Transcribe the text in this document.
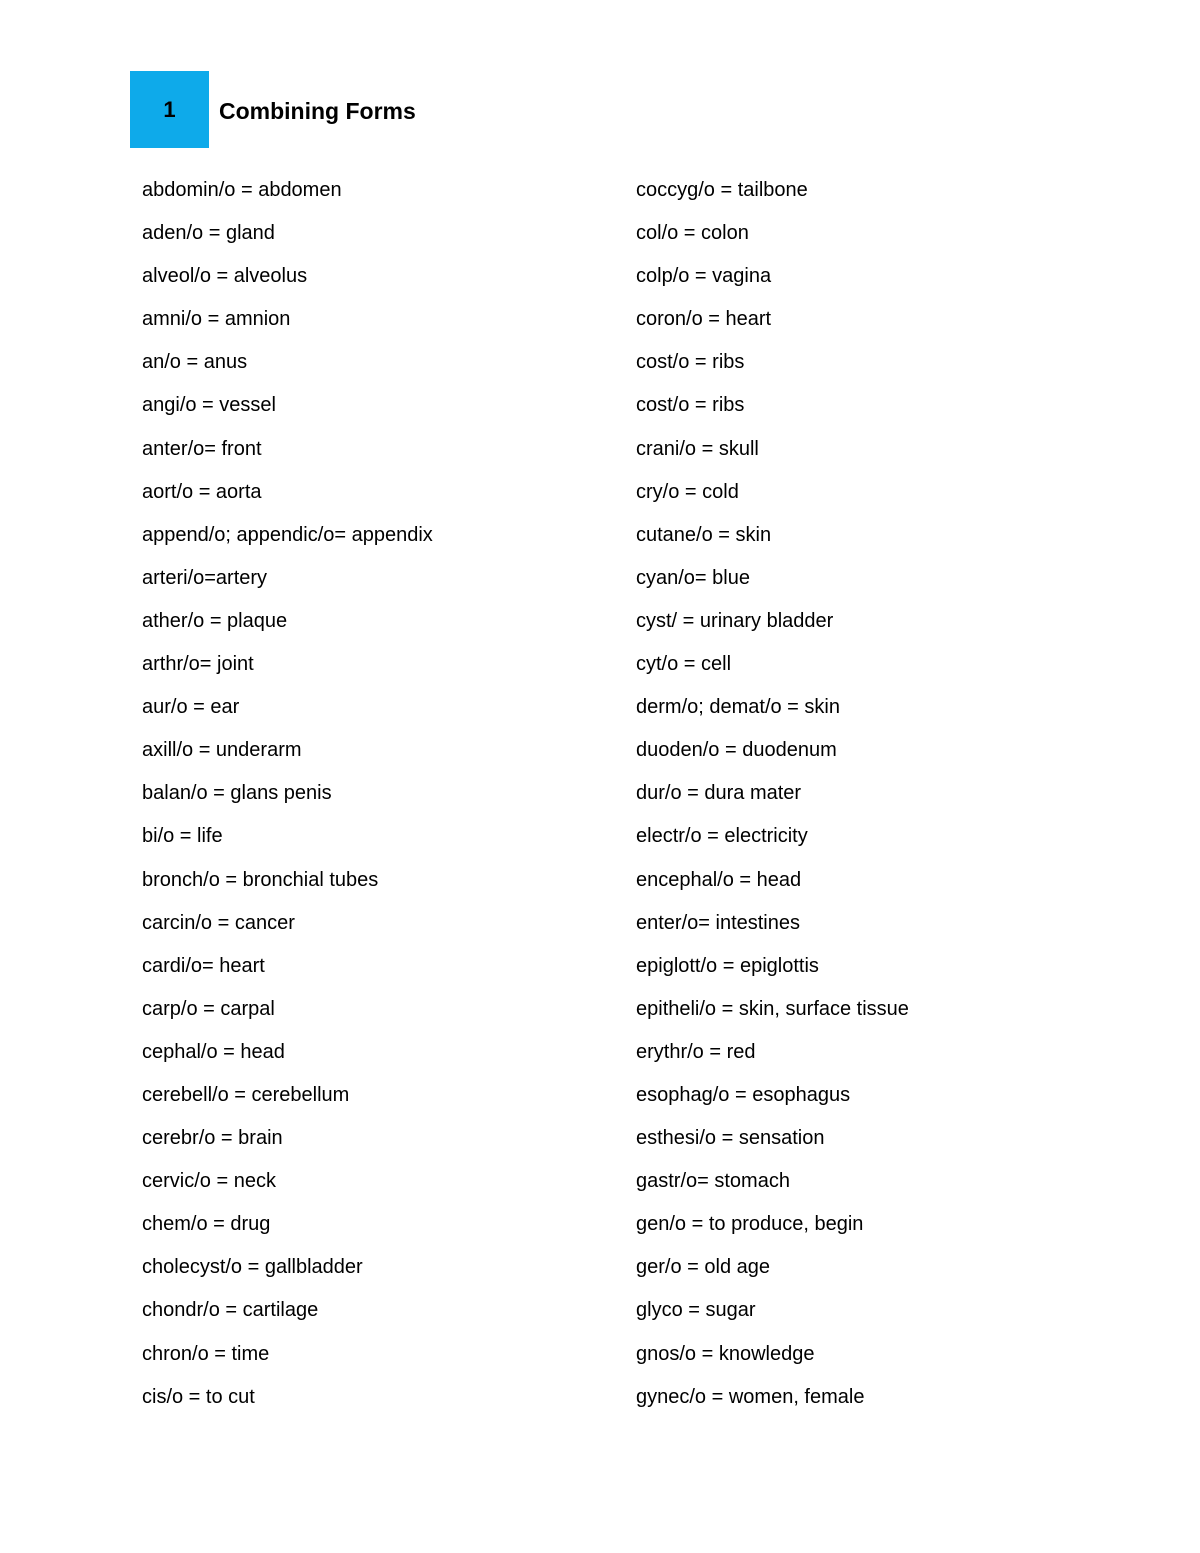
1 Combining Forms
abdomin/o = abdomen
aden/o = gland
alveol/o = alveolus
amni/o = amnion
an/o = anus
angi/o = vessel
anter/o= front
aort/o = aorta
append/o; appendic/o= appendix
arteri/o=artery
ather/o = plaque
arthr/o= joint
aur/o = ear
axill/o = underarm
balan/o = glans penis
bi/o = life
bronch/o = bronchial tubes
carcin/o = cancer
cardi/o= heart
carp/o = carpal
cephal/o = head
cerebell/o = cerebellum
cerebr/o = brain
cervic/o = neck
chem/o = drug
cholecyst/o = gallbladder
chondr/o = cartilage
chron/o = time
cis/o = to cut
coccyg/o = tailbone
col/o = colon
colp/o = vagina
coron/o = heart
cost/o = ribs
cost/o = ribs
crani/o = skull
cry/o = cold
cutane/o = skin
cyan/o= blue
cyst/ = urinary bladder
cyt/o = cell
derm/o; demat/o = skin
duoden/o = duodenum
dur/o = dura mater
electr/o = electricity
encephal/o = head
enter/o= intestines
epiglott/o = epiglottis
epitheli/o = skin, surface tissue
erythr/o = red
esophag/o = esophagus
esthesi/o = sensation
gastr/o= stomach
gen/o = to produce, begin
ger/o = old age
glyco = sugar
gnos/o = knowledge
gynec/o = women, female
